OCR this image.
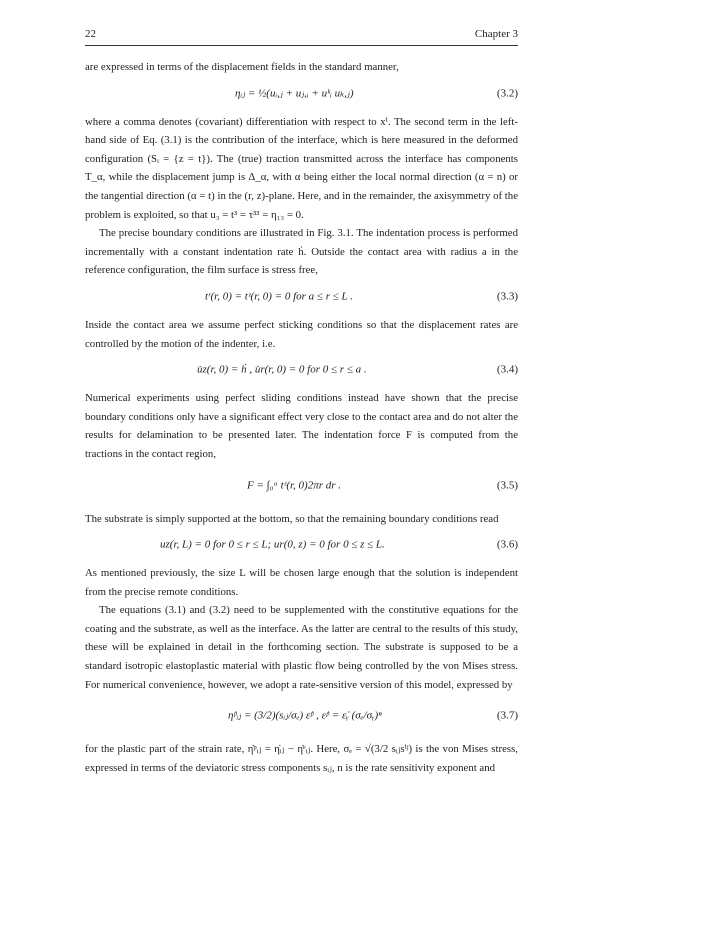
22	Chapter 3

are expressed in terms of the displacement fields in the standard manner,

ηᵢⱼ = ½(uᵢ,ⱼ + uⱼ,ᵢ + uᵏᵢ uₖ,ⱼ)	(3.2)

where a comma denotes (covariant) differentiation with respect to xⁱ. The second term in the left-hand side of Eq. (3.1) is the contribution of the interface, which is here measured in the deformed configuration (Sᵢ = {z = t}). The (true) traction transmitted across the interface has components T_α, while the displacement jump is Δ_α, with α being either the local normal direction (α = n) or the tangential direction (α = t) in the (r, z)-plane. Here, and in the remainder, the axisymmetry of the problem is exploited, so that u₃ = t³ = τ³³ = η₁₃ = 0.

The precise boundary conditions are illustrated in Fig. 3.1. The indentation process is performed incrementally with a constant indentation rate ḣ. Outside the contact area with radius a in the reference configuration, the film surface is stress free,

tʳ(r, 0) = tᶻ(r, 0) = 0 for a ≤ r ≤ L .	(3.3)

Inside the contact area we assume perfect sticking conditions so that the displacement rates are controlled by the motion of the indenter, i.e.

u̇z(r, 0) = ḣ , u̇r(r, 0) = 0 for 0 ≤ r ≤ a .	(3.4)

Numerical experiments using perfect sliding conditions instead have shown that the precise boundary conditions only have a significant effect very close to the contact area and do not alter the results for delamination to be presented later. The indentation force F is computed from the tractions in the contact region,

F = ∫₀ᵃ tᶻ(r, 0)2πr dr .	(3.5)

The substrate is simply supported at the bottom, so that the remaining boundary conditions read

uz(r, L) = 0 for 0 ≤ r ≤ L; ur(0, z) = 0 for 0 ≤ z ≤ L.	(3.6)

As mentioned previously, the size L will be chosen large enough that the solution is independent from the precise remote conditions.

The equations (3.1) and (3.2) need to be supplemented with the constitutive equations for the coating and the substrate, as well as the interface. As the latter are central to the results of this study, these will be explained in detail in the forthcoming section. The substrate is supposed to be a standard isotropic elastoplastic material with plastic flow being controlled by the von Mises stress. For numerical convenience, however, we adopt a rate-sensitive version of this model, expressed by

η̇ᵖᵢⱼ = (3/2)(sᵢⱼ/σₑ) ε̇ᵖ , ε̇ᵖ = ε̇ᵧ (σₑ/σᵧ)ⁿ	(3.7)

for the plastic part of the strain rate, η̇ᵖᵢⱼ = η̇ᵢⱼ − η̇ᵉᵢⱼ. Here, σₑ = √(3/2 sᵢⱼsⁱʲ) is the von Mises stress, expressed in terms of the deviatoric stress components sᵢⱼ, n is the rate sensitivity exponent and
